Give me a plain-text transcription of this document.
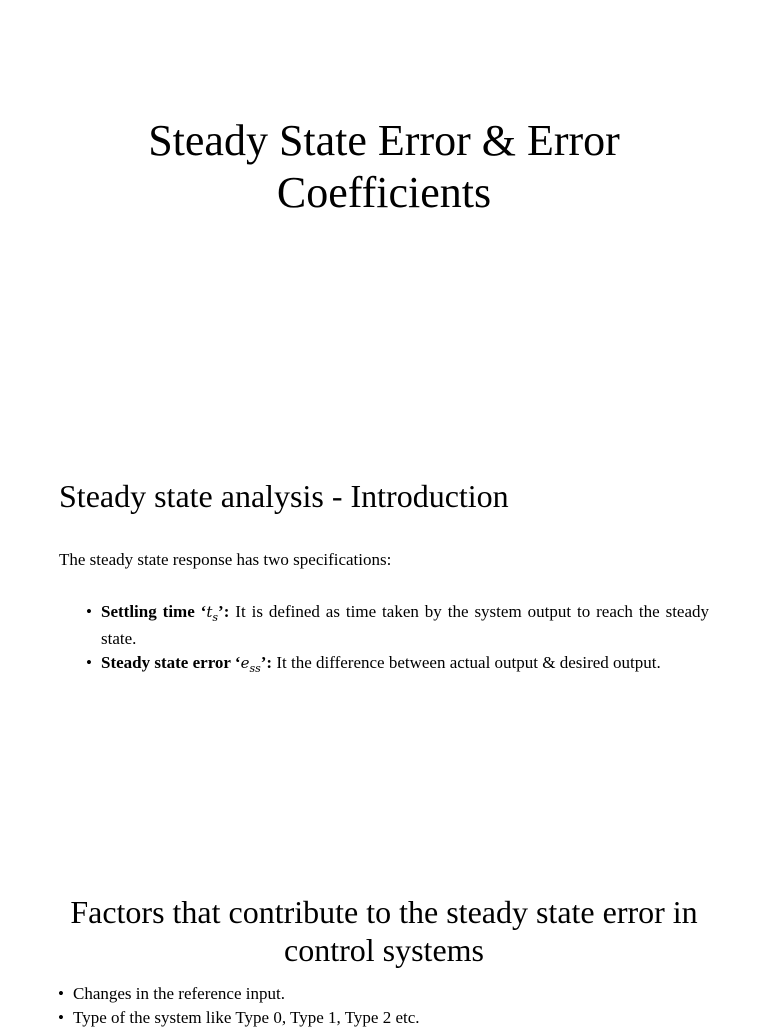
Steady State Error & Error Coefficients
Steady state analysis - Introduction
The steady state response has two specifications:
• Settling time ‘$t_s$’: It is defined as time taken by the system output to reach the steady state.
• Steady state error ‘$e_{ss}$’: It the difference between actual output & desired output.
Factors that contribute to the steady state error in control systems
• Changes in the reference input.
• Type of the system like Type 0, Type 1, Type 2 etc.
